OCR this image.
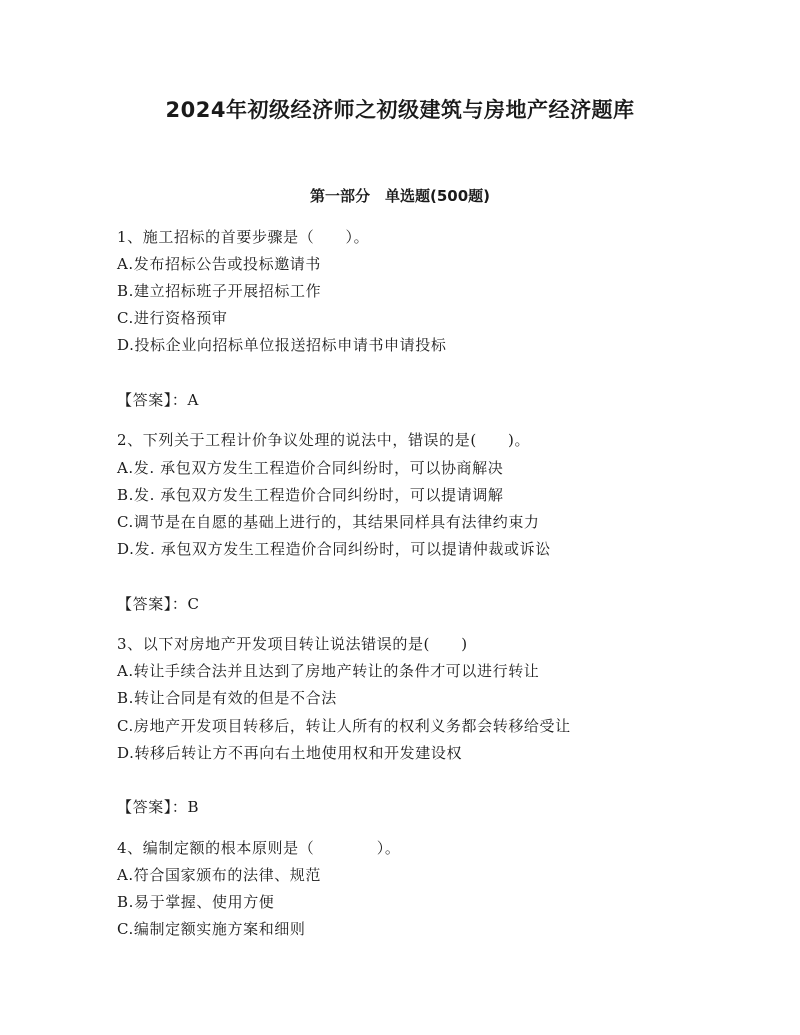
2024年初级经济师之初级建筑与房地产经济题库
第一部分　单选题(500题)
1、施工招标的首要步骤是（　　）。
A.发布招标公告或投标邀请书
B.建立招标班子开展招标工作
C.进行资格预审
D.投标企业向招标单位报送招标申请书申请投标
【答案】：A
2、下列关于工程计价争议处理的说法中，错误的是(　　)。
A.发. 承包双方发生工程造价合同纠纷时，可以协商解决
B.发. 承包双方发生工程造价合同纠纷时，可以提请调解
C.调节是在自愿的基础上进行的，其结果同样具有法律约束力
D.发. 承包双方发生工程造价合同纠纷时，可以提请仲裁或诉讼
【答案】：C
3、以下对房地产开发项目转让说法错误的是(　　)
A.转让手续合法并且达到了房地产转让的条件才可以进行转让
B.转让合同是有效的但是不合法
C.房地产开发项目转移后，转让人所有的权利义务都会转移给受让
D.转移后转让方不再向右土地使用权和开发建设权
【答案】：B
4、编制定额的根本原则是（　　　　）。
A.符合国家颁布的法律、规范
B.易于掌握、使用方便
C.编制定额实施方案和细则
